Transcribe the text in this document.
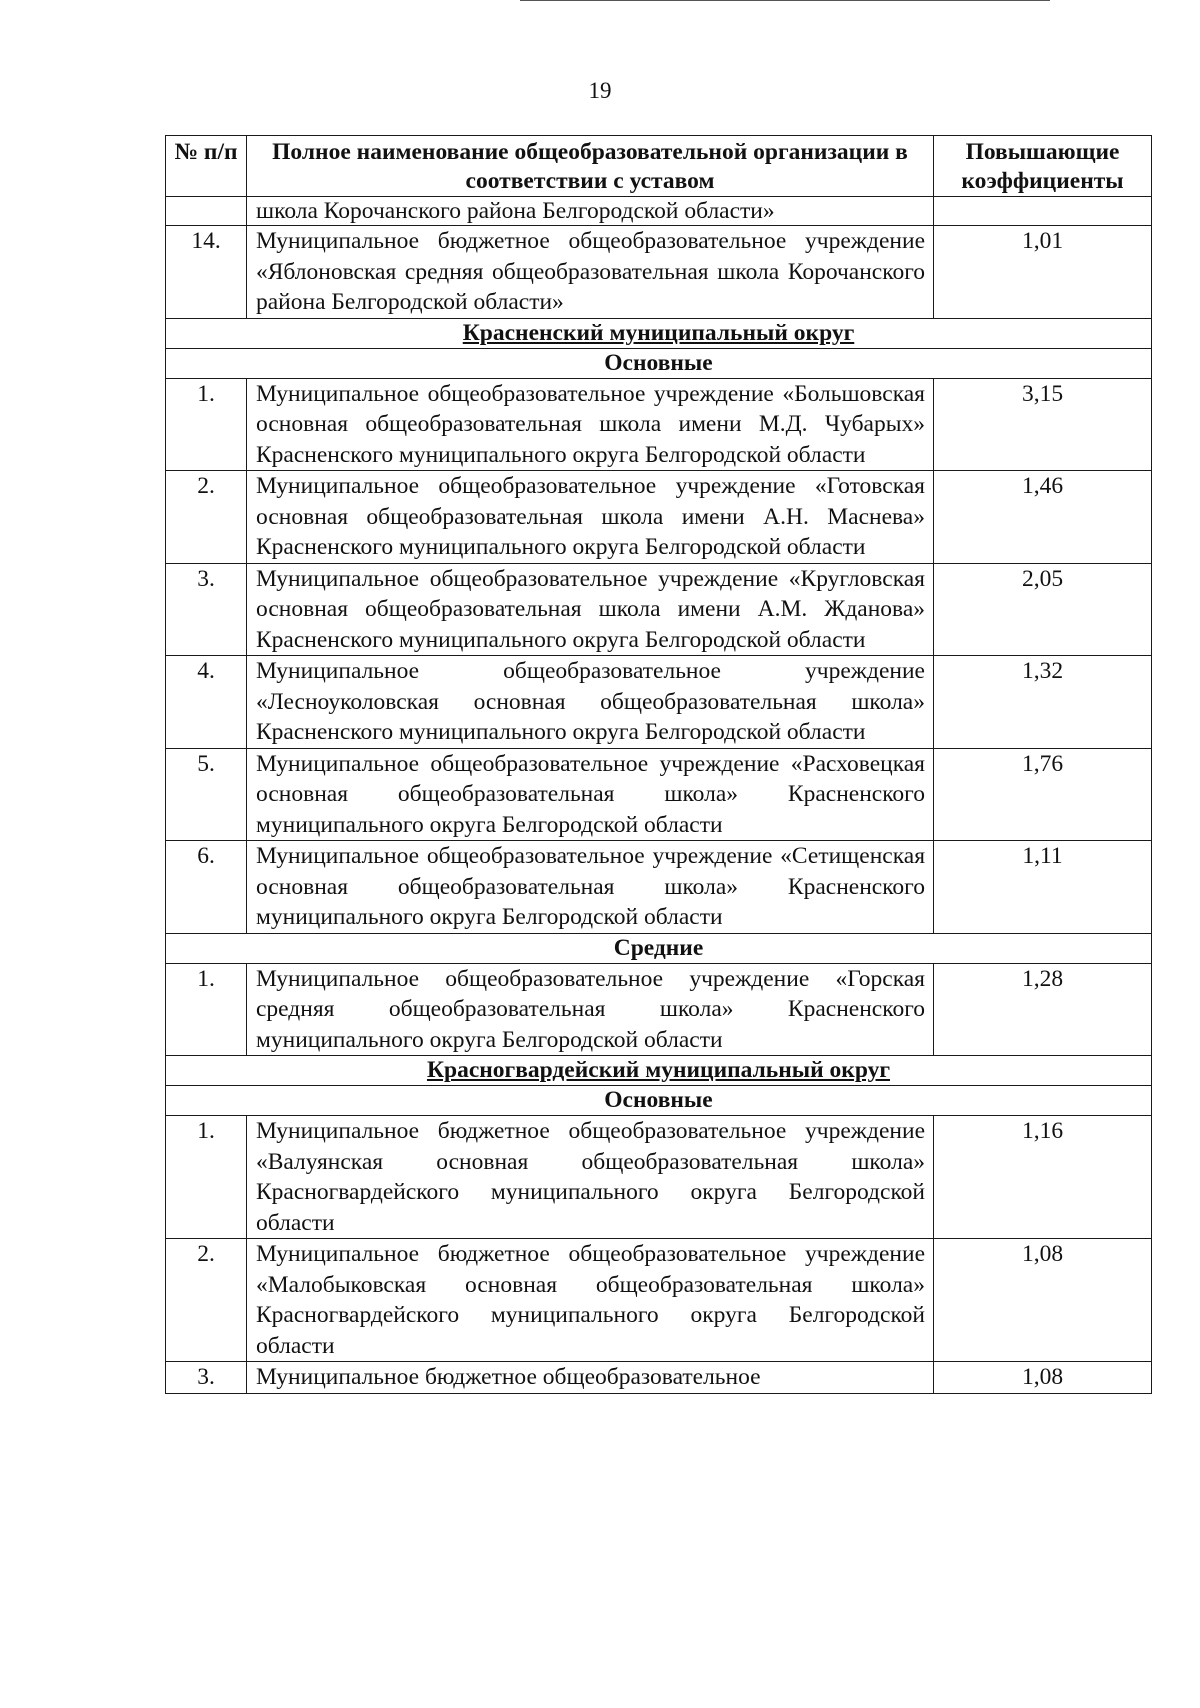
19
№ п/п	Полное наименование общеобразовательной организации в соответствии с уставом	Повышающие коэффициенты
	школа Корочанского района Белгородской области»	
14.	Муниципальное бюджетное общеобразовательное учреждение «Яблоновская средняя общеобразовательная школа Корочанского района Белгородской области»	1,01
Красненский муниципальный округ		
Основные		
1.	Муниципальное общеобразовательное учреждение «Большовская основная общеобразовательная школа имени М.Д. Чубарых» Красненского муниципального округа Белгородской области	3,15
2.	Муниципальное общеобразовательное учреждение «Готовская основная общеобразовательная школа имени А.Н. Маснева» Красненского муниципального округа Белгородской области	1,46
3.	Муниципальное общеобразовательное учреждение «Кругловская основная общеобразовательная школа имени А.М. Жданова» Красненского муниципального округа Белгородской области	2,05
4.	Муниципальное общеобразовательное учреждение «Лесноуколовская основная общеобразовательная школа» Красненского муниципального округа Белгородской области	1,32
5.	Муниципальное общеобразовательное учреждение «Расховецкая основная общеобразовательная школа» Красненского муниципального округа Белгородской области	1,76
6.	Муниципальное общеобразовательное учреждение «Сетищенская основная общеобразовательная школа» Красненского муниципального округа Белгородской области	1,11
Средние		
1.	Муниципальное общеобразовательное учреждение «Горская средняя общеобразовательная школа» Красненского муниципального округа Белгородской области	1,28
Красногвардейский муниципальный округ		
Основные		
1.	Муниципальное бюджетное общеобразовательное учреждение «Валуянская основная общеобразовательная школа» Красногвардейского муниципального округа Белгородской области	1,16
2.	Муниципальное бюджетное общеобразовательное учреждение «Малобыковская основная общеобразовательная школа» Красногвардейского муниципального округа Белгородской области	1,08
3.	Муниципальное бюджетное общеобразовательное	1,08
